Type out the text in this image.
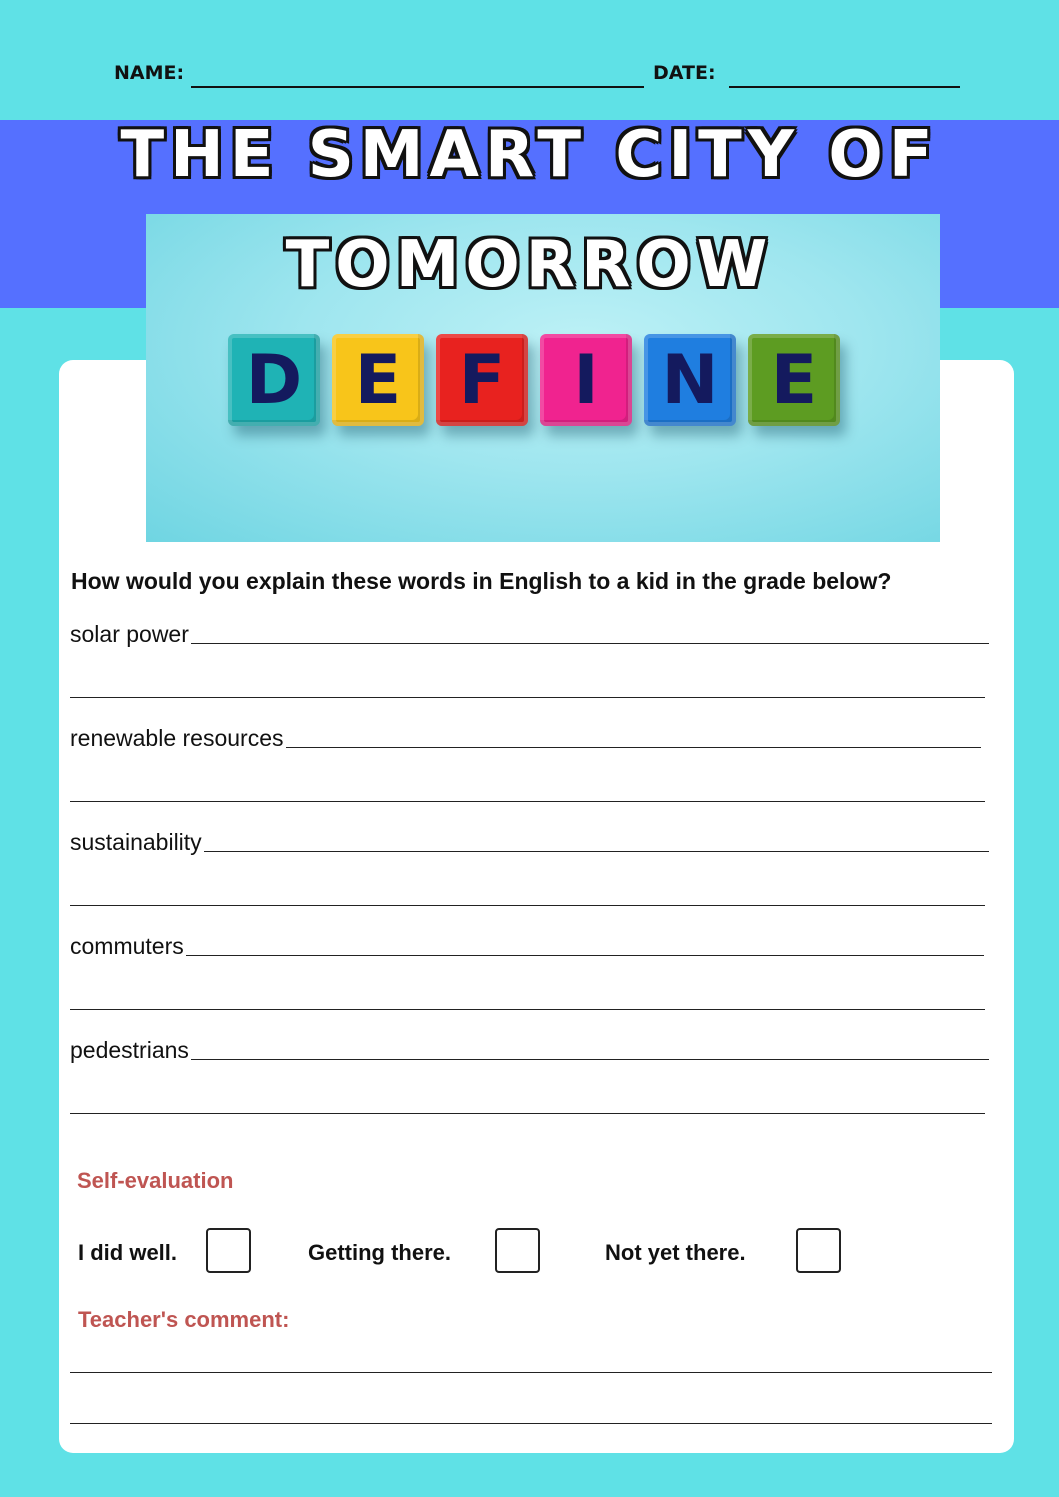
NAME:	DATE:
D E F I N E
THE SMART CITY OF
TOMORROW
How would you explain these words in English to a kid in the grade below?
solar power
renewable resources
sustainability
commuters
pedestrians
Self-evaluation
I did well.	Getting there.	Not yet there.
Teacher's comment:
